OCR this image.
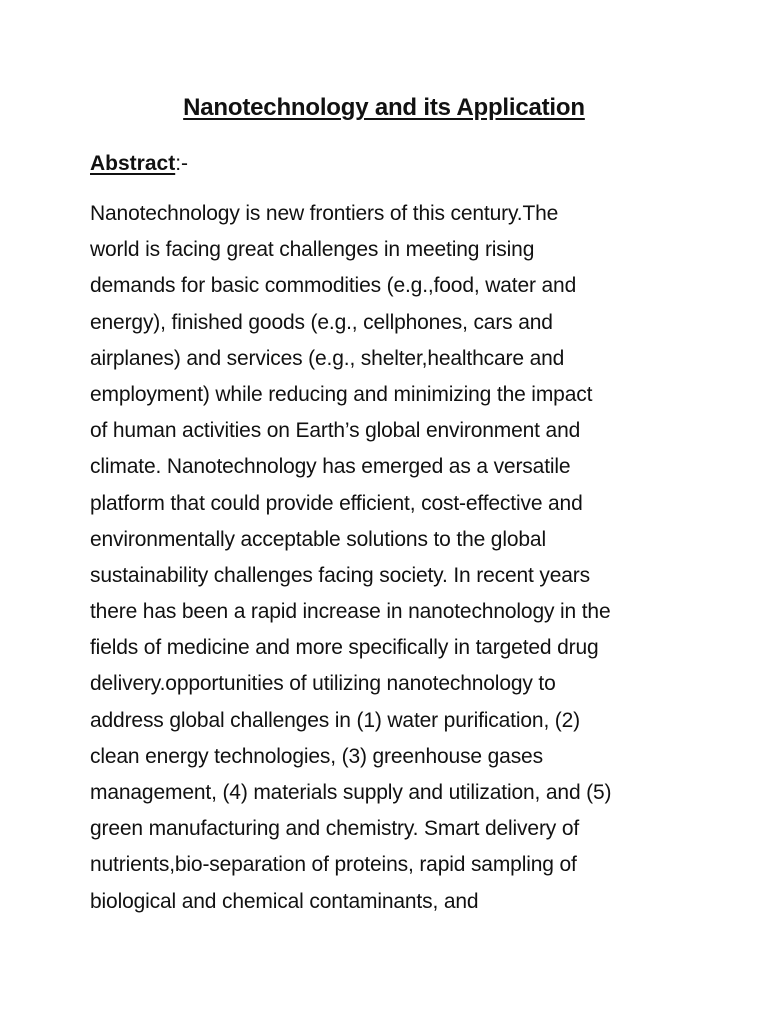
Nanotechnology and its Application

Abstract:-

Nanotechnology is new frontiers of this century.The
world is facing great challenges in meeting rising
demands for basic commodities (e.g.,food, water and
energy), finished goods (e.g., cellphones, cars and
airplanes) and services (e.g., shelter,healthcare and
employment) while reducing and minimizing the impact
of human activities on Earth’s global environment and
climate. Nanotechnology has emerged as a versatile
platform that could provide efficient, cost-effective and
environmentally acceptable solutions to the global
sustainability challenges facing society. In recent years
there has been a rapid increase in nanotechnology in the
fields of medicine and more specifically in targeted drug
delivery.opportunities of utilizing nanotechnology to
address global challenges in (1) water purification, (2)
clean energy technologies, (3) greenhouse gases
management, (4) materials supply and utilization, and (5)
green manufacturing and chemistry. Smart delivery of
nutrients,bio-separation of proteins, rapid sampling of
biological and chemical contaminants, and
